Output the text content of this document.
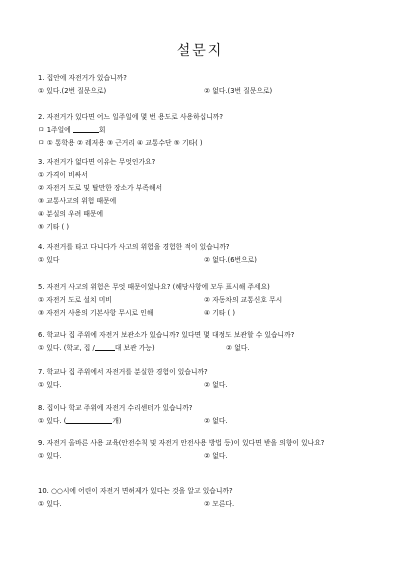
설문지
1. 집안에 자전거가 있습니까?
① 있다.(2번 질문으로)	② 없다.(3번 질문으로)
2. 자전거가 있다면 어느 일주일에 몇 번 용도로 사용하십니까?
ㅁ 1주일에	회
ㅁ ① 통학용 ② 레저용 ③ 근거리 ④ 교통수단 ⑤ 기타( )
3. 자전거가 없다면 이유는 무엇인가요?
① 가격이 비싸서
② 자전거 도로 및 탈만한 장소가 부족해서
③ 교통사고의 위험 때문에
④ 분실의 우려 때문에
⑤ 기타 ( )
4. 자전거를 타고 다니다가 사고의 위험을 경험한 적이 있습니까?
① 있다	② 없다.(6번으로)
5. 자전거 사고의 위험은 무엇 때문이었나요? (해당사항에 모두 표시해 주세요)
① 자전거 도로 설치 미비	② 자동차의 교통신호 무시
③ 자전거 사용의 기본사항 무시로 인해	④ 기타 ( )
6. 학교나 집 주위에 자전거 보관소가 있습니까? 있다면 몇 대정도 보관할 수 있습니까?
① 있다. (학교, 집 /	대 보관 가능)	② 없다.
7. 학교나 집 주위에서 자전거를 분실한 경험이 있습니까?
① 있다.	② 없다.
8. 집이나 학교 주위에 자전거 수리센터가 있습니까?
① 있다. (	개)	② 없다.
9. 자전거 올바른 사용 교육(안전수칙 및 자전거 안전사용 방법 등)이 있다면 받을 의향이 있나요?
① 있다.	② 없다.
10. ○○시에 어린이 자전거 면허제가 있다는 것을 알고 있습니까?
① 있다.	② 모른다.
